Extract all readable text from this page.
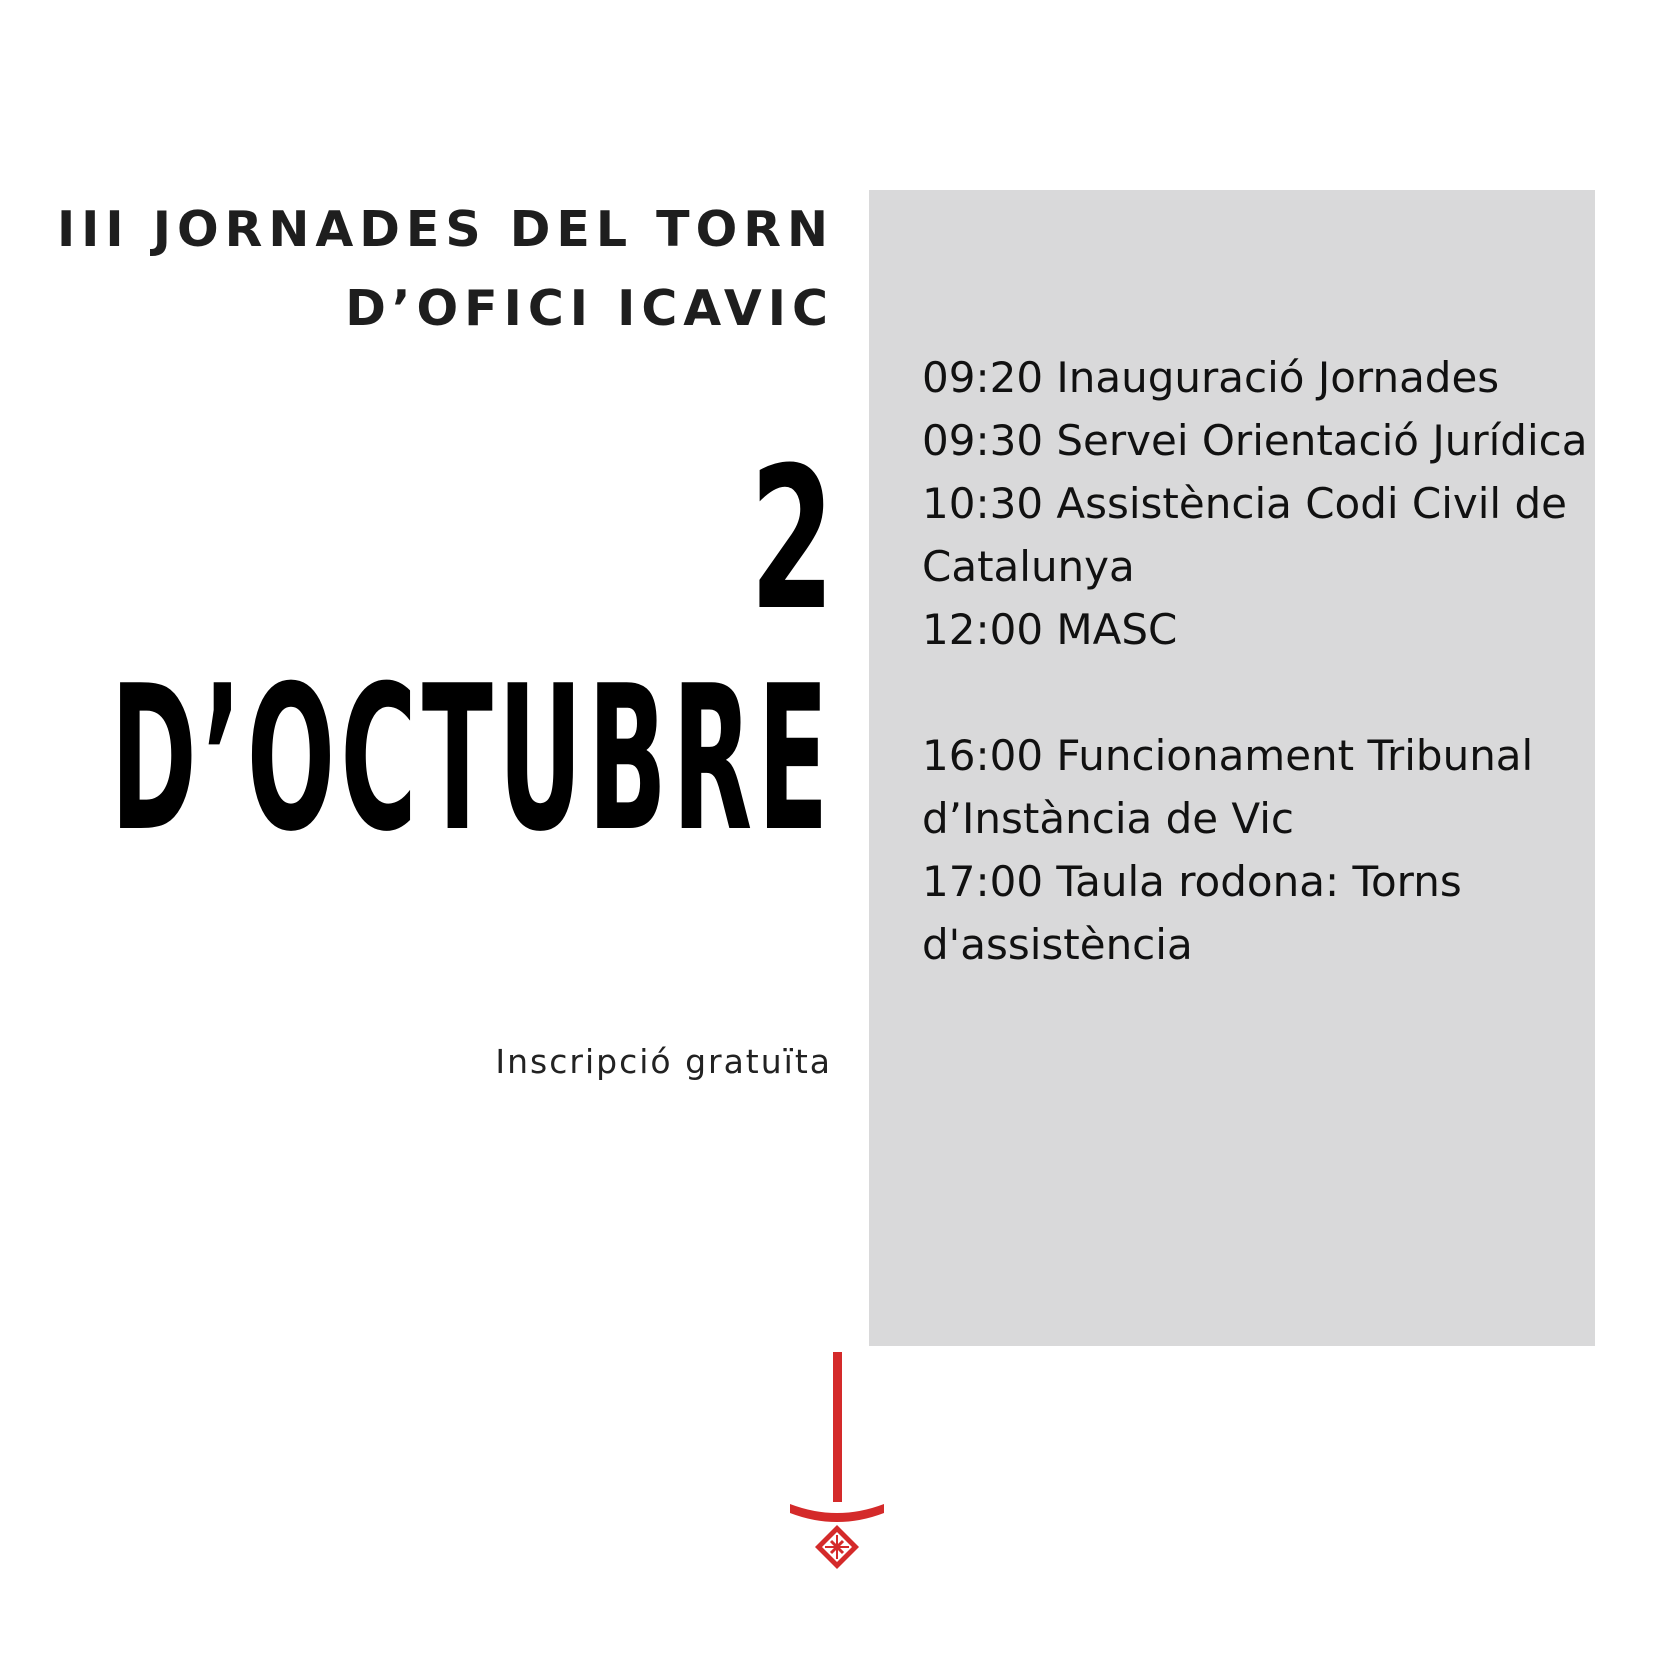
III JORNADES DEL TORN
D’OFICI ICAVIC
2
D’OCTUBRE
Inscripció gratuïta
09:20 Inauguració Jornades
09:30 Servei Orientació Jurídica
10:30 Assistència Codi Civil de Catalunya
12:00 MASC
16:00 Funcionament Tribunal d’Instància de Vic
17:00 Taula rodona: Torns d'assistència
